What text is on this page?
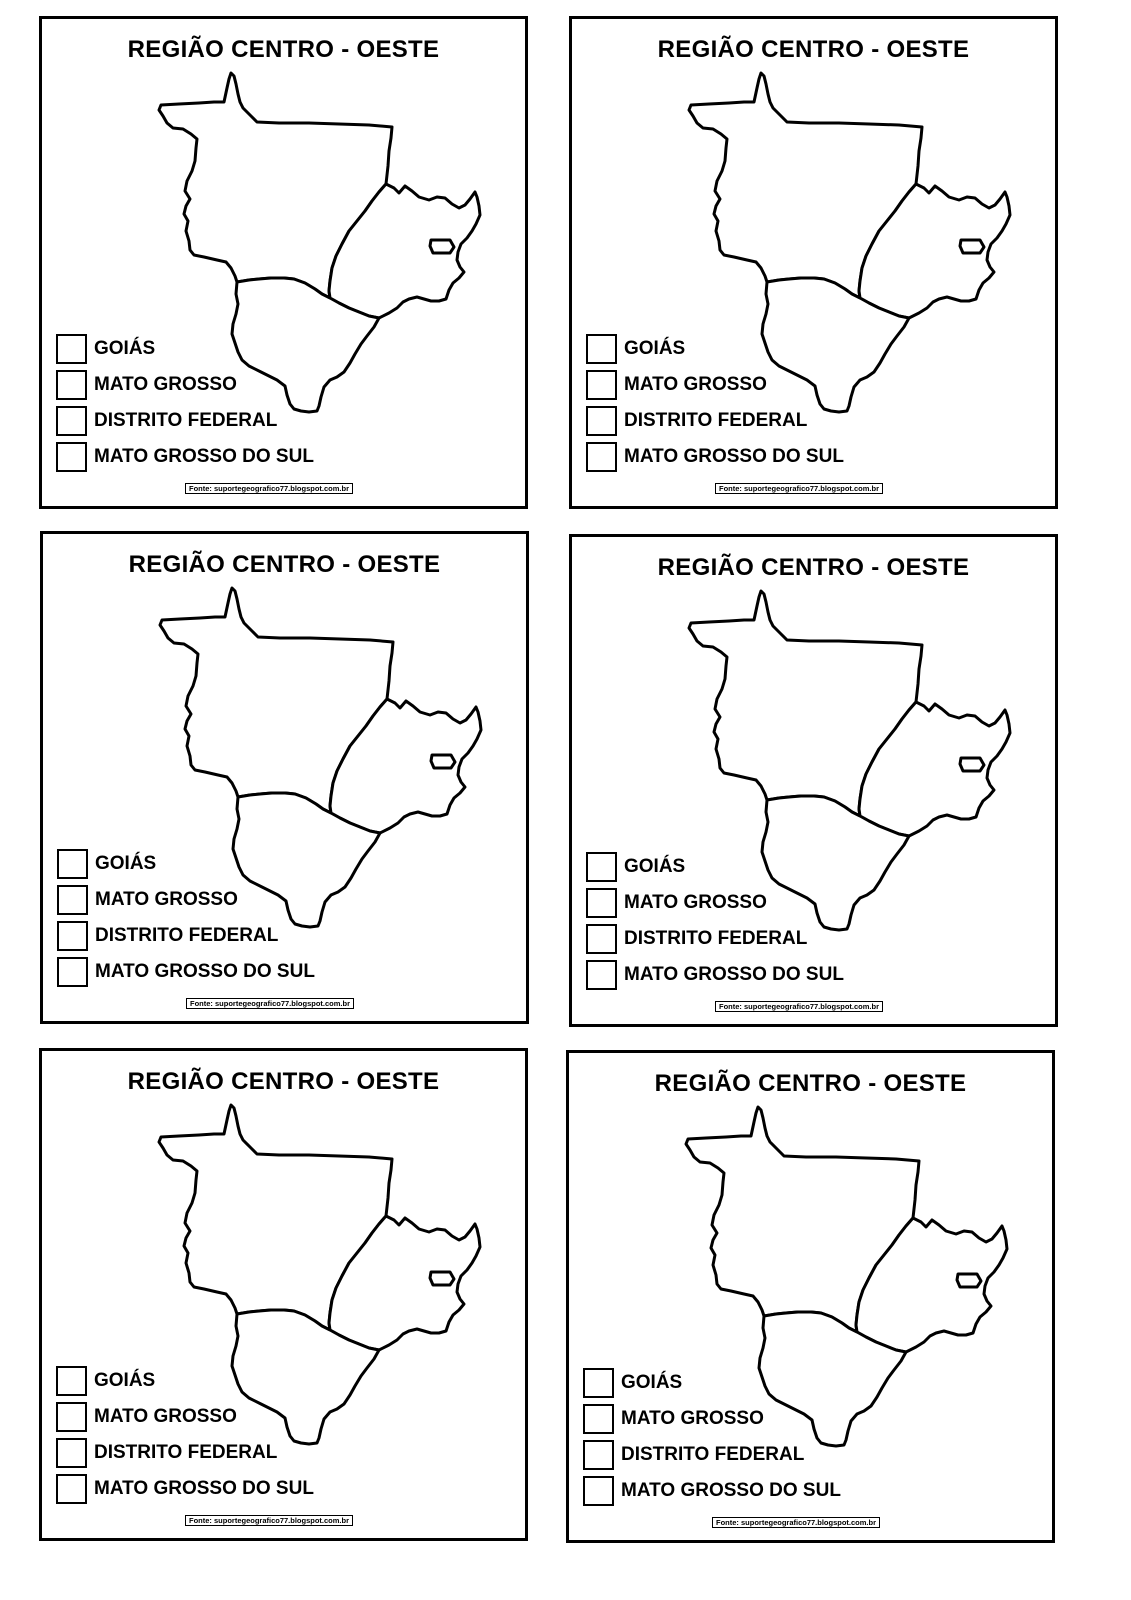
REGIÃO CENTRO - OESTE
GOIÁS
MATO GROSSO
DISTRITO FEDERAL
MATO GROSSO DO SUL
Fonte: suportegeografico77.blogspot.com.br
REGIÃO CENTRO - OESTE
GOIÁS
MATO GROSSO
DISTRITO FEDERAL
MATO GROSSO DO SUL
Fonte: suportegeografico77.blogspot.com.br
REGIÃO CENTRO - OESTE
GOIÁS
MATO GROSSO
DISTRITO FEDERAL
MATO GROSSO DO SUL
Fonte: suportegeografico77.blogspot.com.br
REGIÃO CENTRO - OESTE
GOIÁS
MATO GROSSO
DISTRITO FEDERAL
MATO GROSSO DO SUL
Fonte: suportegeografico77.blogspot.com.br
REGIÃO CENTRO - OESTE
GOIÁS
MATO GROSSO
DISTRITO FEDERAL
MATO GROSSO DO SUL
Fonte: suportegeografico77.blogspot.com.br
REGIÃO CENTRO - OESTE
GOIÁS
MATO GROSSO
DISTRITO FEDERAL
MATO GROSSO DO SUL
Fonte: suportegeografico77.blogspot.com.br
